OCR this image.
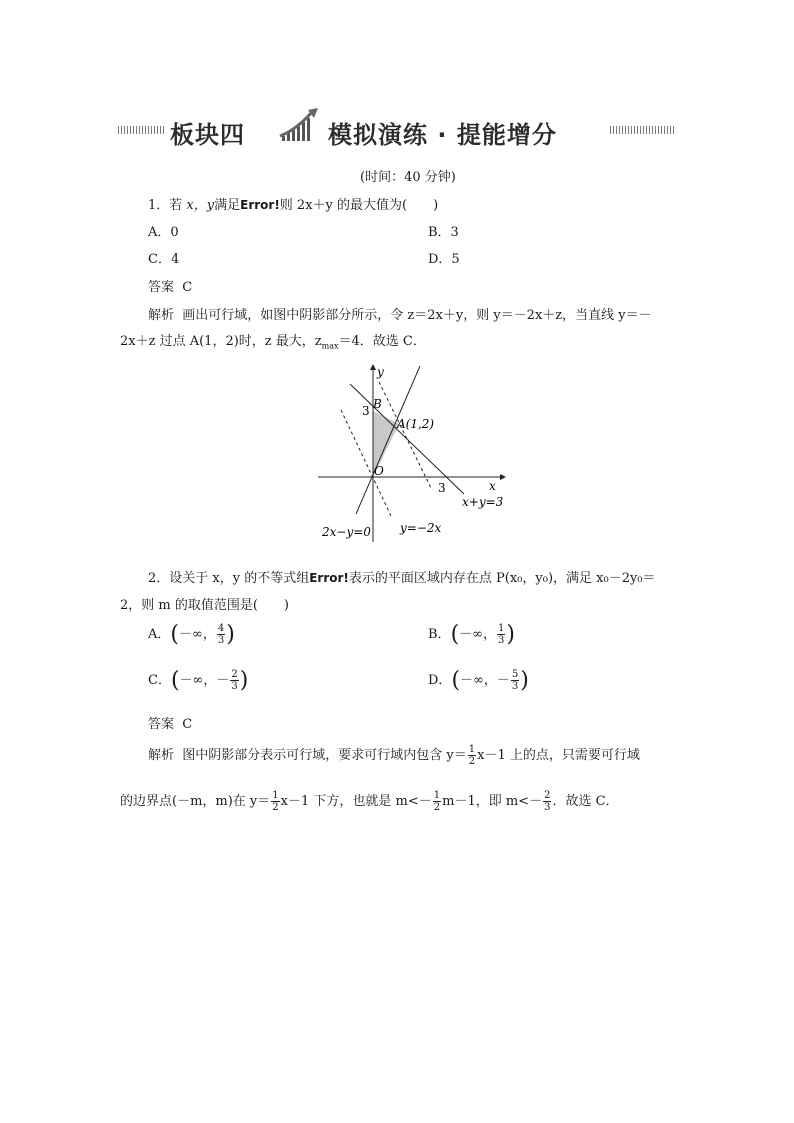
板块四	模拟演练 · 提能增分
(时间：40 分钟)
1．若 x，y满足Error!则 2x＋y 的最大值为(　　)
A．0	B．3
C．4	D．5
答案 C
解析 画出可行域，如图中阴影部分所示，令 z＝2x＋y，则 y＝－2x＋z，当直线 y＝－
2x＋z 过点 A(1，2)时，z 最大，$z_{max}=4$．故选 C．
y
x
O
B
3
A(1,2)
3
x+y=3
2x−y=0 y=−2x
2．设关于 x，y 的不等式组Error!表示的平面区域内存在点 P(x₀，y₀)，满足 x₀－2y₀＝
2，则 m 的取值范围是(　　)
A．(－∞， $\frac{4}{3}$ )	B．(－∞， $\frac{1}{3}$ )
C．(－∞，－ $\frac{2}{3}$ )	D．(－∞，－ $\frac{5}{3}$ )
答案 C
解析 图中阴影部分表示可行域，要求可行域内包含 $y= \frac{1}{2} x-1$ 上的点，只需要可行域
的边界点(－m，m)在 $y= \frac{1}{2} x-1$ 下方，也就是 $m<- \frac{1}{2} m-1$，即 $m<- \frac{2}{3}$ ．故选 C．
